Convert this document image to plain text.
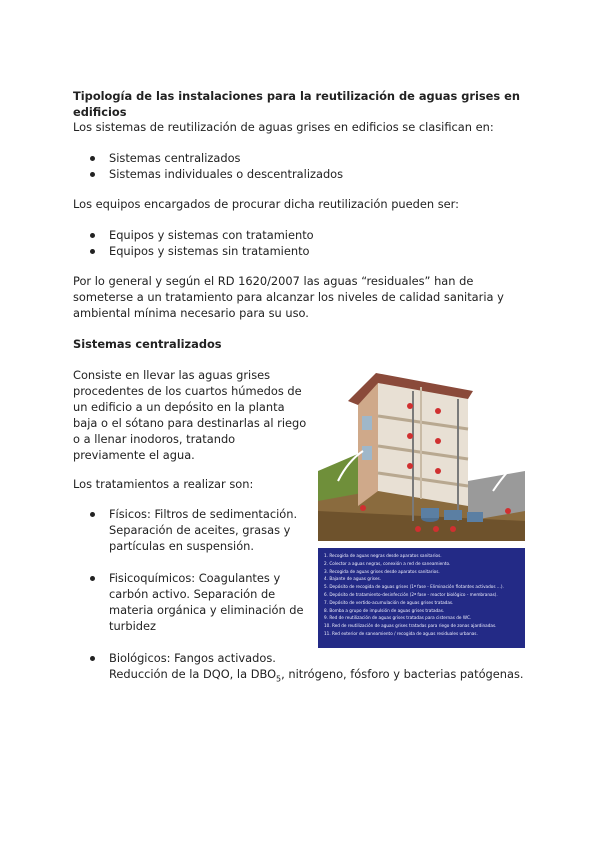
Tipología de las instalaciones para la reutilización de aguas grises en edificios
Los sistemas de reutilización de aguas grises en edificios se clasifican en:
Sistemas centralizados
Sistemas individuales o descentralizados
Los equipos encargados de procurar dicha reutilización pueden ser:
Equipos y sistemas con tratamiento
Equipos y sistemas sin tratamiento
Por lo general y según el RD 1620/2007 las aguas “residuales” han de someterse a un tratamiento para alcanzar los niveles de calidad sanitaria y ambiental mínima necesario para su uso.
Sistemas centralizados
Consiste en llevar las aguas grises procedentes de los cuartos húmedos de un edificio a un depósito en la planta baja o el sótano para destinarlas al riego o a llenar inodoros, tratando previamente el agua.
Los tratamientos a realizar son:
Físicos: Filtros de sedimentación. Separación de aceites, grasas y partículas en suspensión.
Fisicoquímicos: Coagulantes y carbón activo. Separación de materia orgánica y eliminación de turbidez
Biológicos: Fangos activados.
Reducción de la DQO, la $DBO_5$, nitrógeno, fósforo y bacterias patógenas.
1. Recogida de aguas negras desde aparatos sanitarios.
2. Colector a aguas negras, conexión a red de saneamiento.
3. Recogida de aguas grises desde aparatos sanitarios.
4. Bajante de aguas grises.
5. Depósito de recogida de aguas grises (1ª fase - Eliminación flotantes activados ...).
6. Depósito de tratamiento-desinfección (2ª fase - reactor biológico - membranas).
7. Depósito de vertido-acumulación de aguas grises tratadas.
8. Bomba a grupo de impulsión de aguas grises tratadas.
9. Red de reutilización de aguas grises tratadas para cisternas de WC.
10. Red de reutilización de aguas grises tratadas para riego de zonas ajardinadas.
11. Red exterior de saneamiento / recogida de aguas residuales urbanas.
